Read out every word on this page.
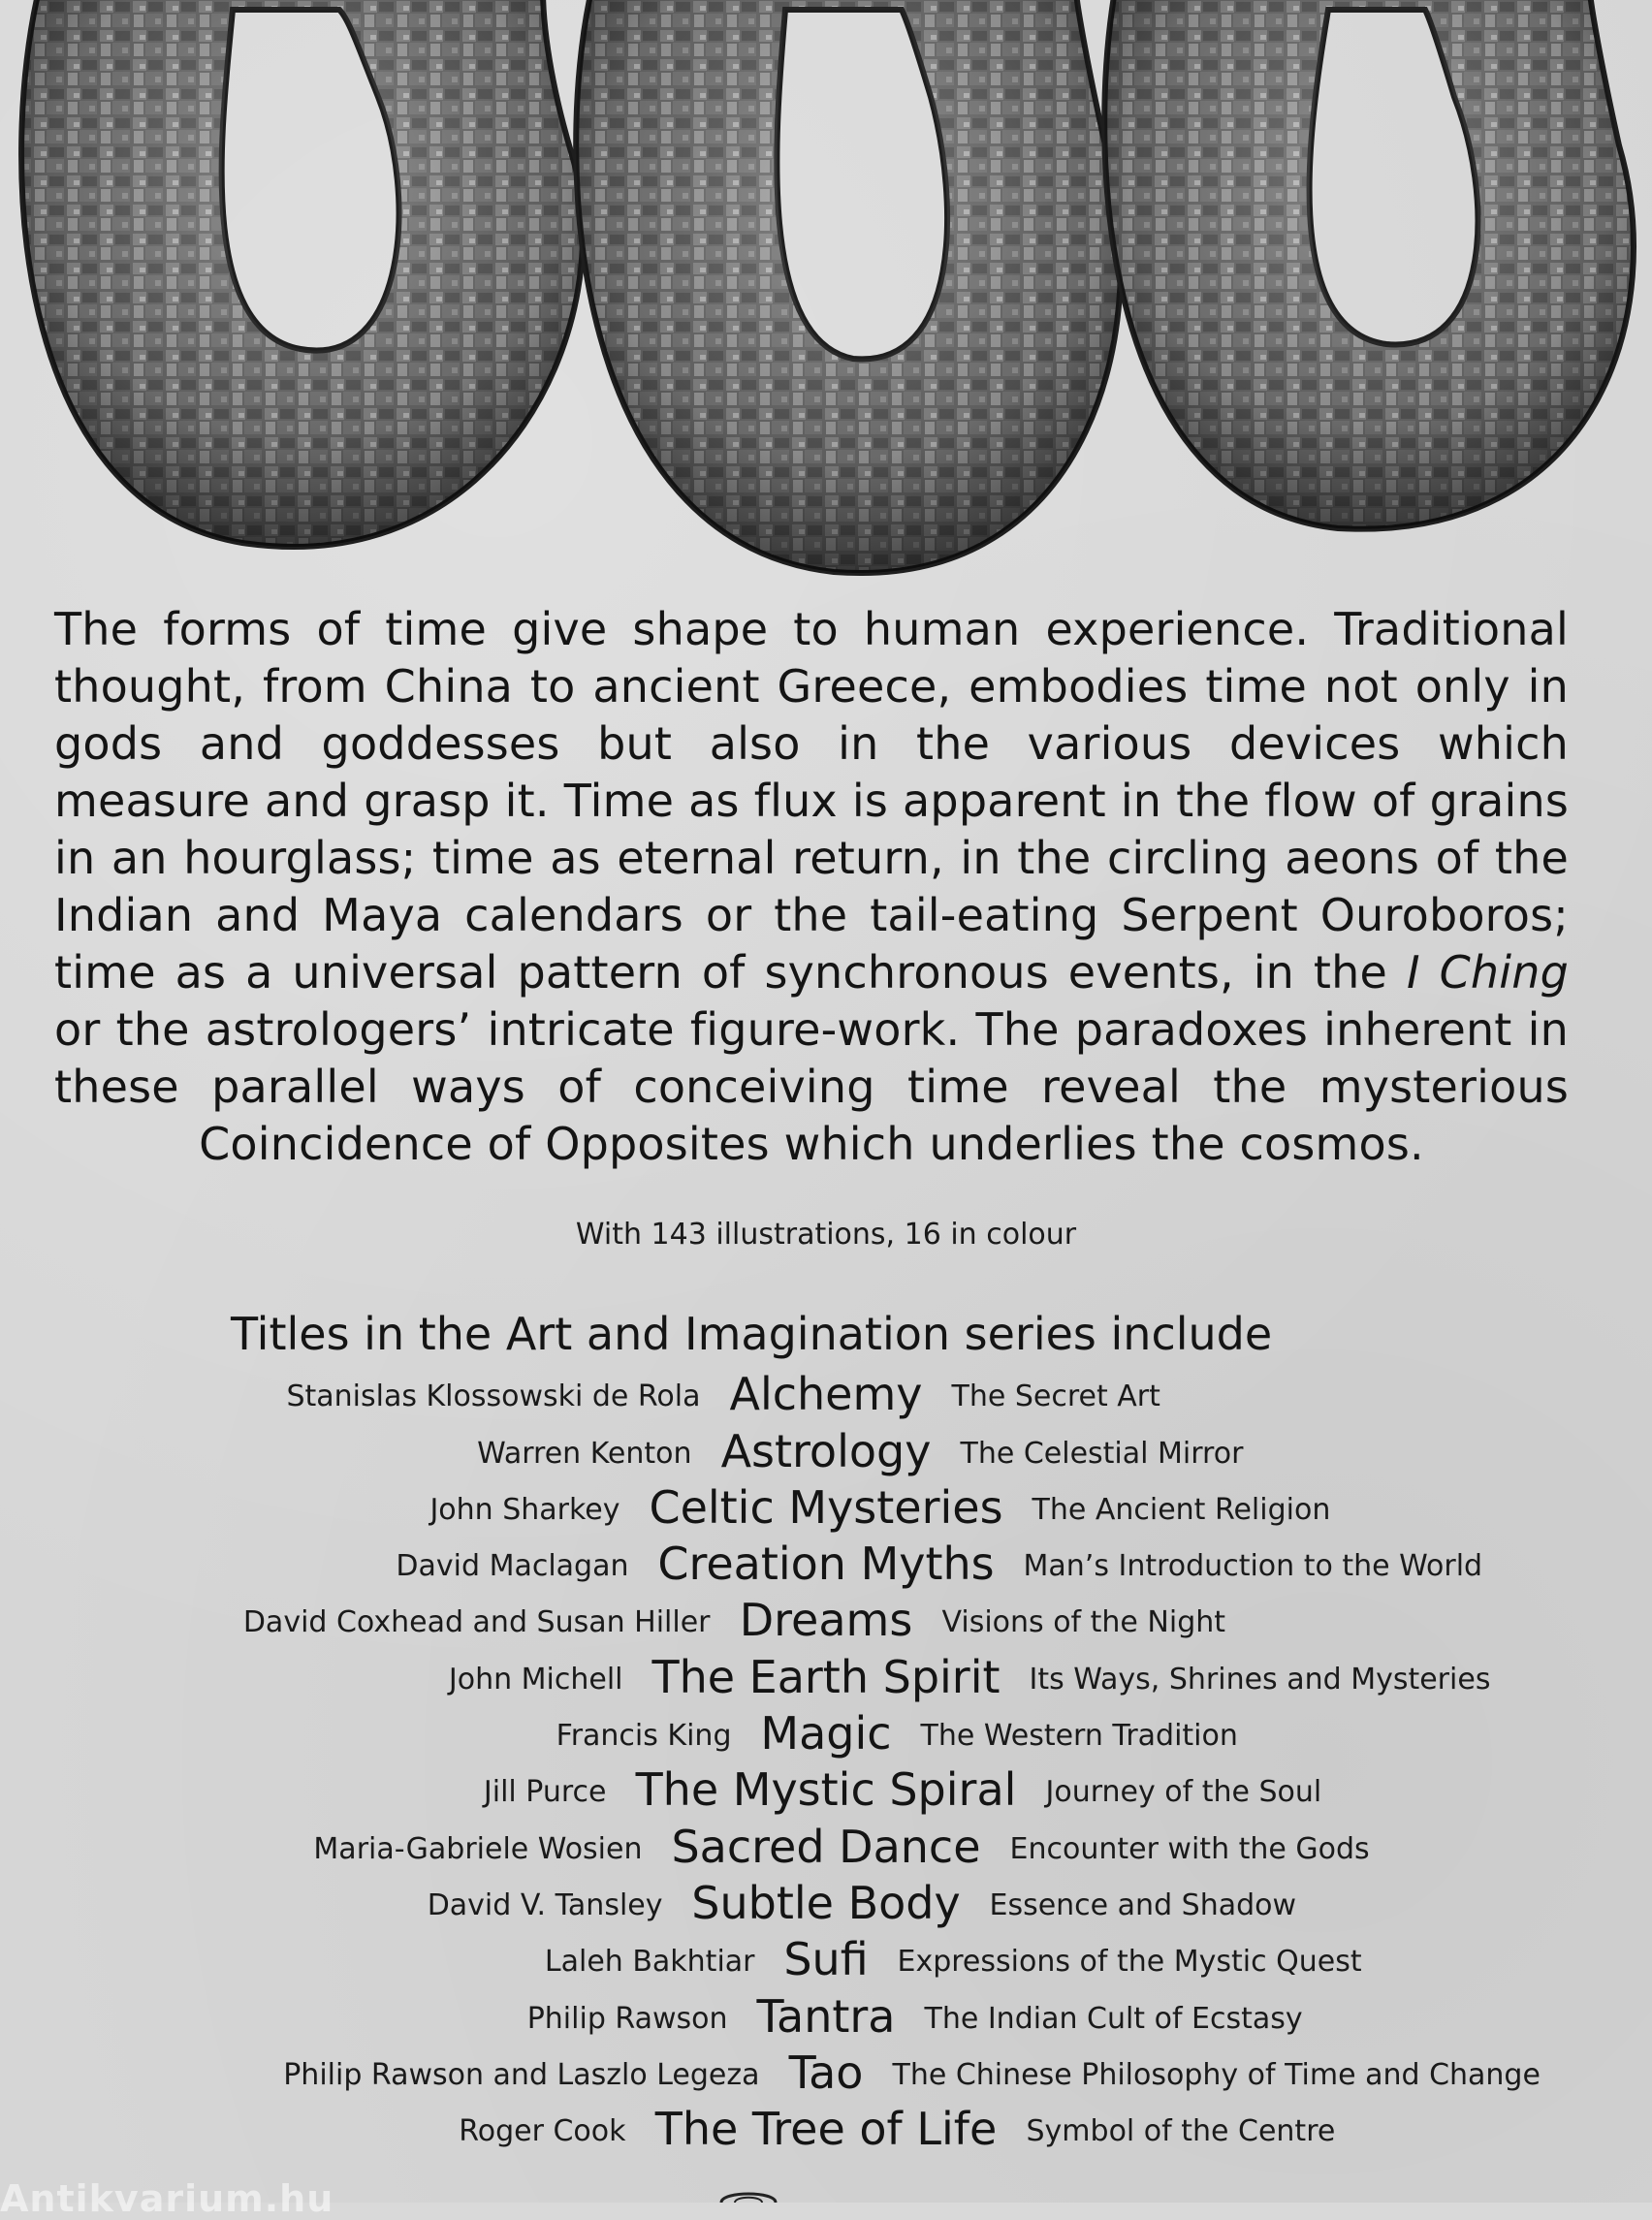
The forms of time give shape to human experience. Traditional thought, from China to ancient Greece, embodies time not only in gods and goddesses but also in the various devices which measure and grasp it. Time as flux is apparent in the flow of grains in an hourglass; time as eternal return, in the circling aeons of the Indian and Maya calendars or the tail-eating Serpent Ouroboros; time as a universal pattern of synchronous events, in the I Ching or the astrologers’ intricate figure-work. The paradoxes inherent in these parallel ways of conceiving time reveal the mysterious Coincidence of Opposites which underlies the cosmos.

With 143 illustrations, 16 in colour
Titles in the Art and Imagination series include
Stanislas Klossowski de Rola Alchemy The Secret Art
Warren Kenton Astrology The Celestial Mirror
John Sharkey Celtic Mysteries The Ancient Religion
David Maclagan Creation Myths Man’s Introduction to the World
David Coxhead and Susan Hiller Dreams Visions of the Night
John Michell The Earth Spirit Its Ways, Shrines and Mysteries
Francis King Magic The Western Tradition
Jill Purce The Mystic Spiral Journey of the Soul
Maria-Gabriele Wosien Sacred Dance Encounter with the Gods
David V. Tansley Subtle Body Essence and Shadow
Laleh Bakhtiar Sufi Expressions of the Mystic Quest
Philip Rawson Tantra The Indian Cult of Ecstasy
Philip Rawson and Laszlo Legeza Tao The Chinese Philosophy of Time and Change
Roger Cook The Tree of Life Symbol of the Centre
Antikvarium.hu
